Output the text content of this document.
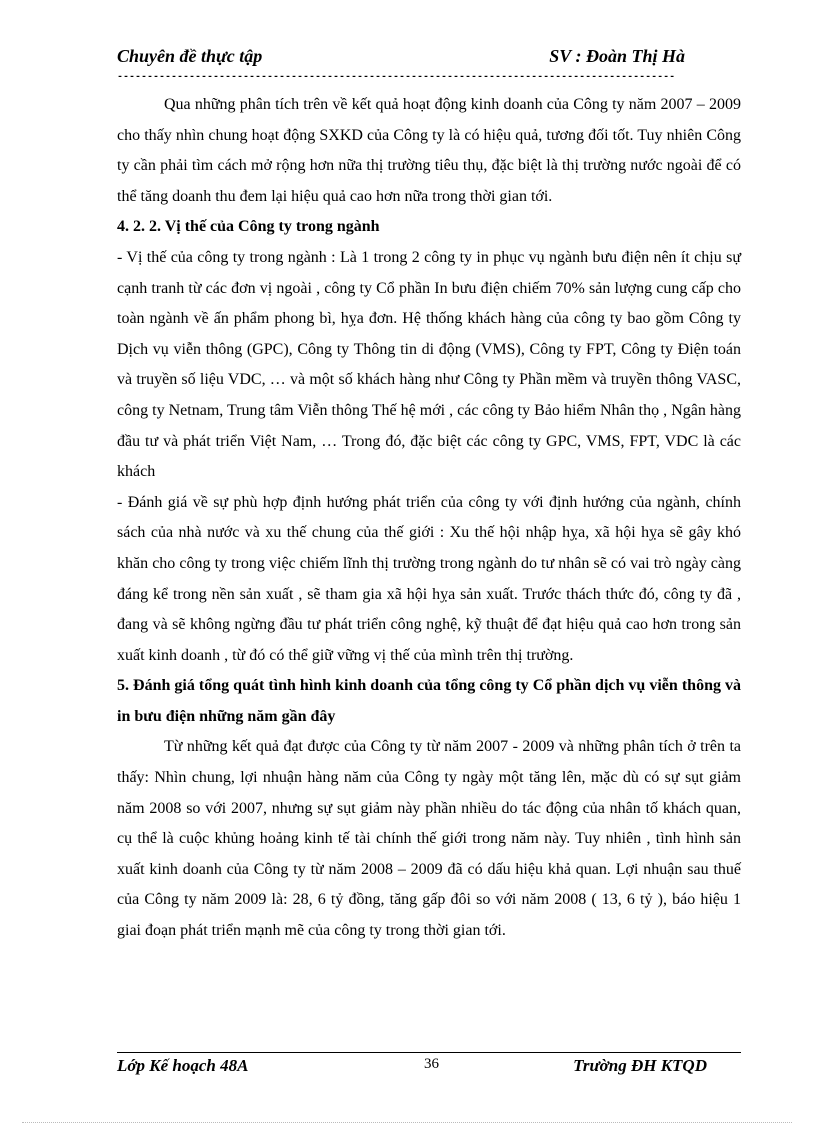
Chuyên đề thực tập	SV : Đoàn Thị Hà
---------------------------------------------------------------------------------------------

Qua những phân tích trên về kết quả hoạt động kinh doanh của Công ty năm 2007 – 2009 cho thấy nhìn chung hoạt động SXKD của Công ty là có hiệu quả, tương đối tốt. Tuy nhiên Công ty cần phải tìm cách mở rộng hơn nữa thị trường tiêu thụ, đặc biệt là thị trường nước ngoài để có thể tăng doanh thu đem lại hiệu quả cao hơn nữa trong thời gian tới.

4. 2. 2. Vị thế của Công ty trong ngành

- Vị thế của công ty trong ngành : Là 1 trong 2 công ty in phục vụ ngành bưu điện nên ít chịu sự cạnh tranh từ các đơn vị ngoài , công ty Cổ phần In bưu điện chiếm 70% sản lượng cung cấp cho toàn ngành về ấn phẩm phong bì, hỵa đơn. Hệ thống khách hàng của công ty bao gồm Công ty Dịch vụ viễn thông (GPC), Công ty Thông tin di động (VMS), Công ty FPT, Công ty Điện toán và truyền số liệu VDC, … và một số khách hàng như Công ty Phần mềm và truyền thông VASC, công ty Netnam, Trung tâm Viễn thông Thế hệ mới , các công ty Bảo hiểm Nhân thọ , Ngân hàng đầu tư và phát triển Việt Nam, … Trong đó, đặc biệt các công ty GPC, VMS, FPT, VDC là các khách

- Đánh giá về sự phù hợp định hướng phát triển của công ty với định hướng của ngành, chính sách của nhà nước và xu thế chung của thế giới : Xu thế hội nhập hỵa, xã hội hỵa sẽ gây khó khăn cho công ty trong việc chiếm lĩnh thị trường trong ngành do tư nhân sẽ có vai trò ngày càng đáng kể trong nền sản xuất , sẽ tham gia xã hội hỵa sản xuất. Trước thách thức đó, công ty đã , đang và sẽ không ngừng đầu tư phát triển công nghệ, kỹ thuật để đạt hiệu quả cao hơn trong sản xuất kinh doanh , từ đó có thể giữ vững vị thế của mình trên thị trường.

5. Đánh giá tổng quát tình hình kinh doanh của tổng công ty Cổ phần dịch vụ viễn thông và in bưu điện những năm gần đây

Từ những kết quả đạt được của Công ty từ năm 2007 - 2009 và những phân tích ở trên ta thấy: Nhìn chung, lợi nhuận hàng năm của Công ty ngày một tăng lên, mặc dù có sự sụt giảm năm 2008 so với 2007, nhưng sự sụt giảm này phần nhiều do tác động của nhân tố khách quan, cụ thể là cuộc khủng hoảng kinh tế tài chính thế giới trong năm này. Tuy nhiên , tình hình sản xuất kinh doanh của Công ty từ năm 2008 – 2009 đã có dấu hiệu khả quan. Lợi nhuận sau thuế của Công ty năm 2009 là: 28, 6 tỷ đồng, tăng gấp đôi so với năm 2008 ( 13, 6 tỷ ), báo hiệu 1 giai đoạn phát triển mạnh mẽ của công ty trong thời gian tới.

Lớp Kế hoạch 48A	36	Trường ĐH KTQD
